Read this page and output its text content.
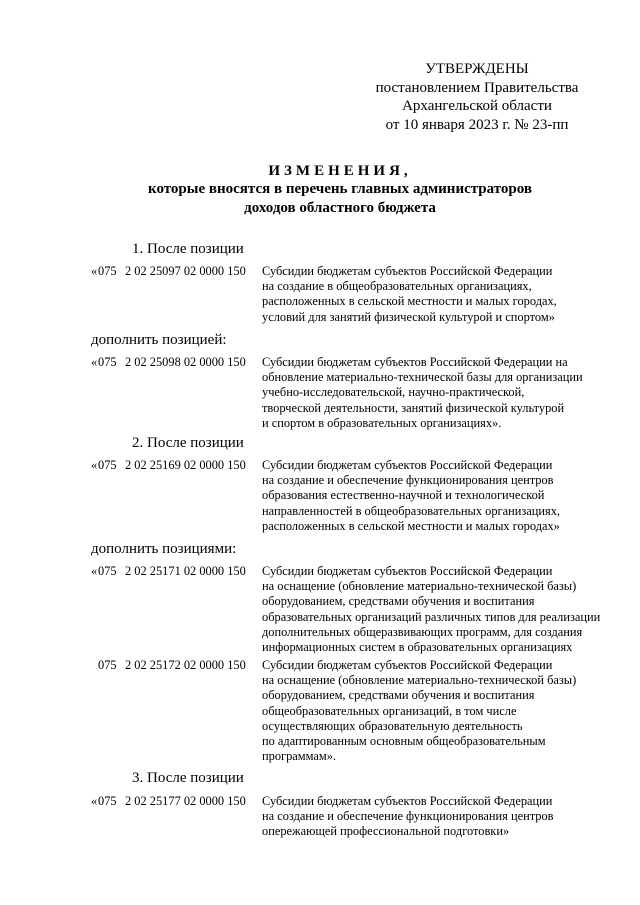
УТВЕРЖДЕНЫ
постановлением Правительства
Архангельской области
от 10 января 2023 г. № 23-пп
ИЗМЕНЕНИЯ,
которые вносятся в перечень главных администраторов
доходов областного бюджета
1. После позиции
« 075 2 02 25097 02 0000 150 Субсидии бюджетам субъектов Российской Федерации
на создание в общеобразовательных организациях,
расположенных в сельской местности и малых городах,
условий для занятий физической культурой и спортом»
дополнить позицией:
« 075 2 02 25098 02 0000 150 Субсидии бюджетам субъектов Российской Федерации на
обновление материально-технической базы для организации
учебно-исследовательской, научно-практической,
творческой деятельности, занятий физической культурой
и спортом в образовательных организациях».
2. После позиции
« 075 2 02 25169 02 0000 150 Субсидии бюджетам субъектов Российской Федерации
на создание и обеспечение функционирования центров
образования естественно-научной и технологической
направленностей в общеобразовательных организациях,
расположенных в сельской местности и малых городах»
дополнить позициями:
« 075 2 02 25171 02 0000 150 Субсидии бюджетам субъектов Российской Федерации
на оснащение (обновление материально-технической базы)
оборудованием, средствами обучения и воспитания
образовательных организаций различных типов для реализации
дополнительных общеразвивающих программ, для создания
информационных систем в образовательных организациях
075 2 02 25172 02 0000 150 Субсидии бюджетам субъектов Российской Федерации
на оснащение (обновление материально-технической базы)
оборудованием, средствами обучения и воспитания
общеобразовательных организаций, в том числе
осуществляющих образовательную деятельность
по адаптированным основным общеобразовательным
программам».
3. После позиции
« 075 2 02 25177 02 0000 150 Субсидии бюджетам субъектов Российской Федерации
на создание и обеспечение функционирования центров
опережающей профессиональной подготовки»
